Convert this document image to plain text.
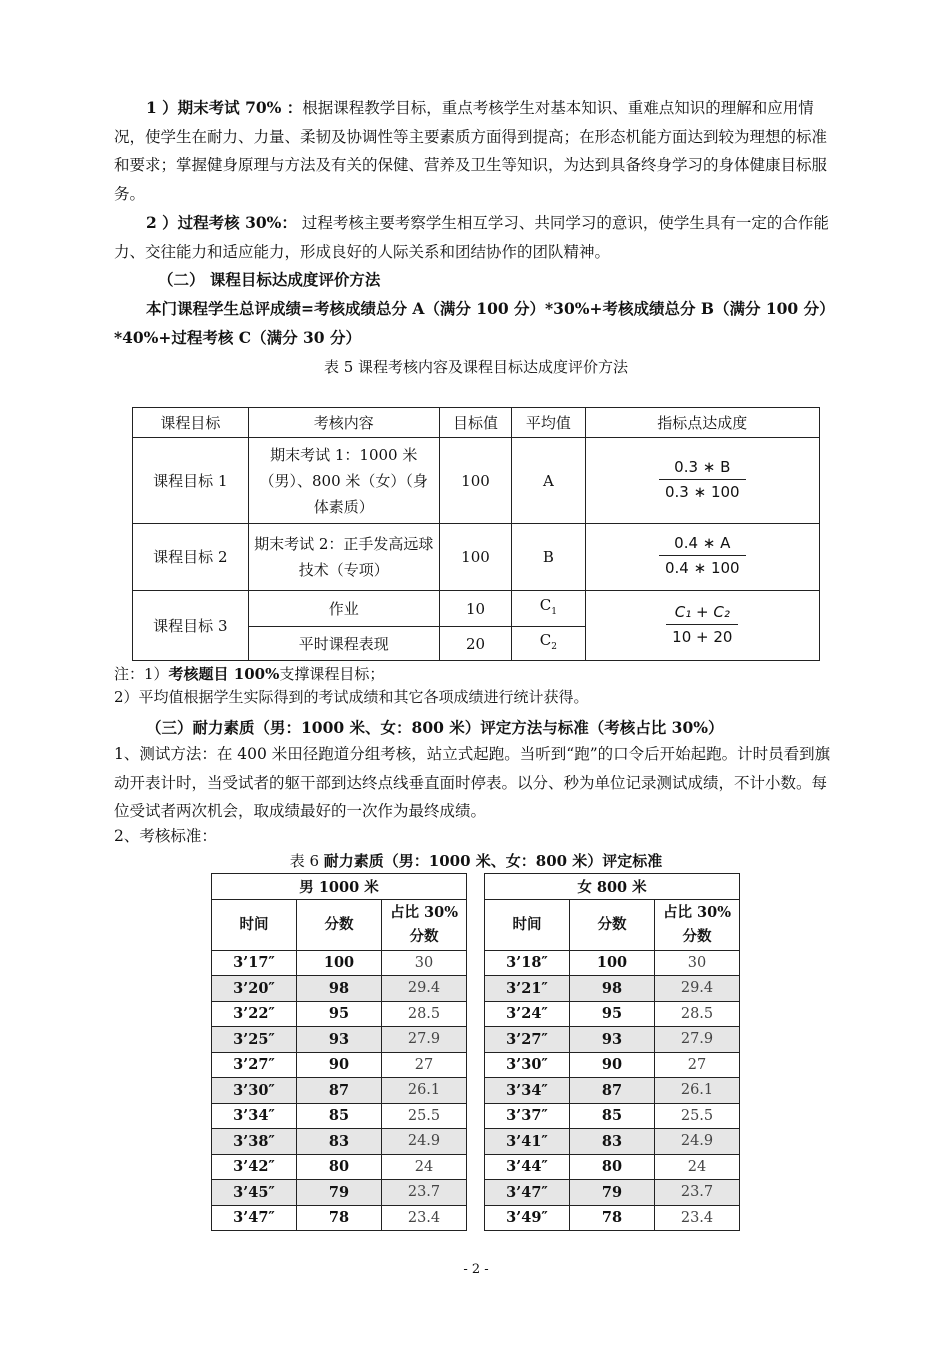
1 ）期末考试 70% ：根据课程教学目标，重点考核学生对基本知识、重难点知识的理解和应用情况，使学生在耐力、力量、柔韧及协调性等主要素质方面得到提高；在形态机能方面达到较为理想的标准和要求；掌握健身原理与方法及有关的保健、营养及卫生等知识，为达到具备终身学习的身体健康目标服务。

2 ）过程考核 30%： 过程考核主要考察学生相互学习、共同学习的意识，使学生具有一定的合作能力、交往能力和适应能力，形成良好的人际关系和团结协作的团队精神。

（二） 课程目标达成度评价方法

本门课程学生总评成绩=考核成绩总分 A（满分 100 分）*30%+考核成绩总分 B（满分 100 分）*40%+过程考核 C（满分 30 分）

表 5 课程考核内容及课程目标达成度评价方法

课程目标	考核内容	目标值	平均值	指标点达成度
课程目标 1	期末考试 1：1000 米（男）、800 米（女）（身体素质）	100	A	$\frac{0.3 ∗ B}{0.3 ∗ 100}$

课程目标 2	期末考试 2：正手发高远球技术（专项）	100	B	$\frac{0.4 ∗ A}{0.4 ∗ 100}$

课程目标 3	作业	10	$C_1$	$\frac{\text{C₁ + C₂}}{10 + 20}$

	平时课程表现	20	$C_2$

注：1）考核题目 100%支撑课程目标；

2）平均值根据学生实际得到的考试成绩和其它各项成绩进行统计获得。

（三）耐力素质（男：1000 米、女：800 米）评定方法与标准（考核占比 30%）

1、测试方法：在 400 米田径跑道分组考核，站立式起跑。当听到“跑”的口令后开始起跑。计时员看到旗动开表计时，当受试者的躯干部到达终点线垂直面时停表。以分、秒为单位记录测试成绩，不计小数。每位受试者两次机会，取成绩最好的一次作为最终成绩。

2、考核标准：

表 6 耐力素质（男：1000 米、女：800 米）评定标准

男 1000 米		
时间	分数	占比 30%分数
3’17″	100	30
3’20″	98	29.4
3’22″	95	28.5
3’25″	93	27.9
3’27″	90	27
3’30″	87	26.1
3’34″	85	25.5
3’38″	83	24.9
3’42″	80	24
3’45″	79	23.7
3’47″	78	23.4
女 800 米		
时间	分数	占比 30%分数
3’18″	100	30
3’21″	98	29.4
3’24″	95	28.5
3’27″	93	27.9
3’30″	90	27
3’34″	87	26.1
3’37″	85	25.5
3’41″	83	24.9
3’44″	80	24
3’47″	79	23.7
3’49″	78	23.4
- 2 -
